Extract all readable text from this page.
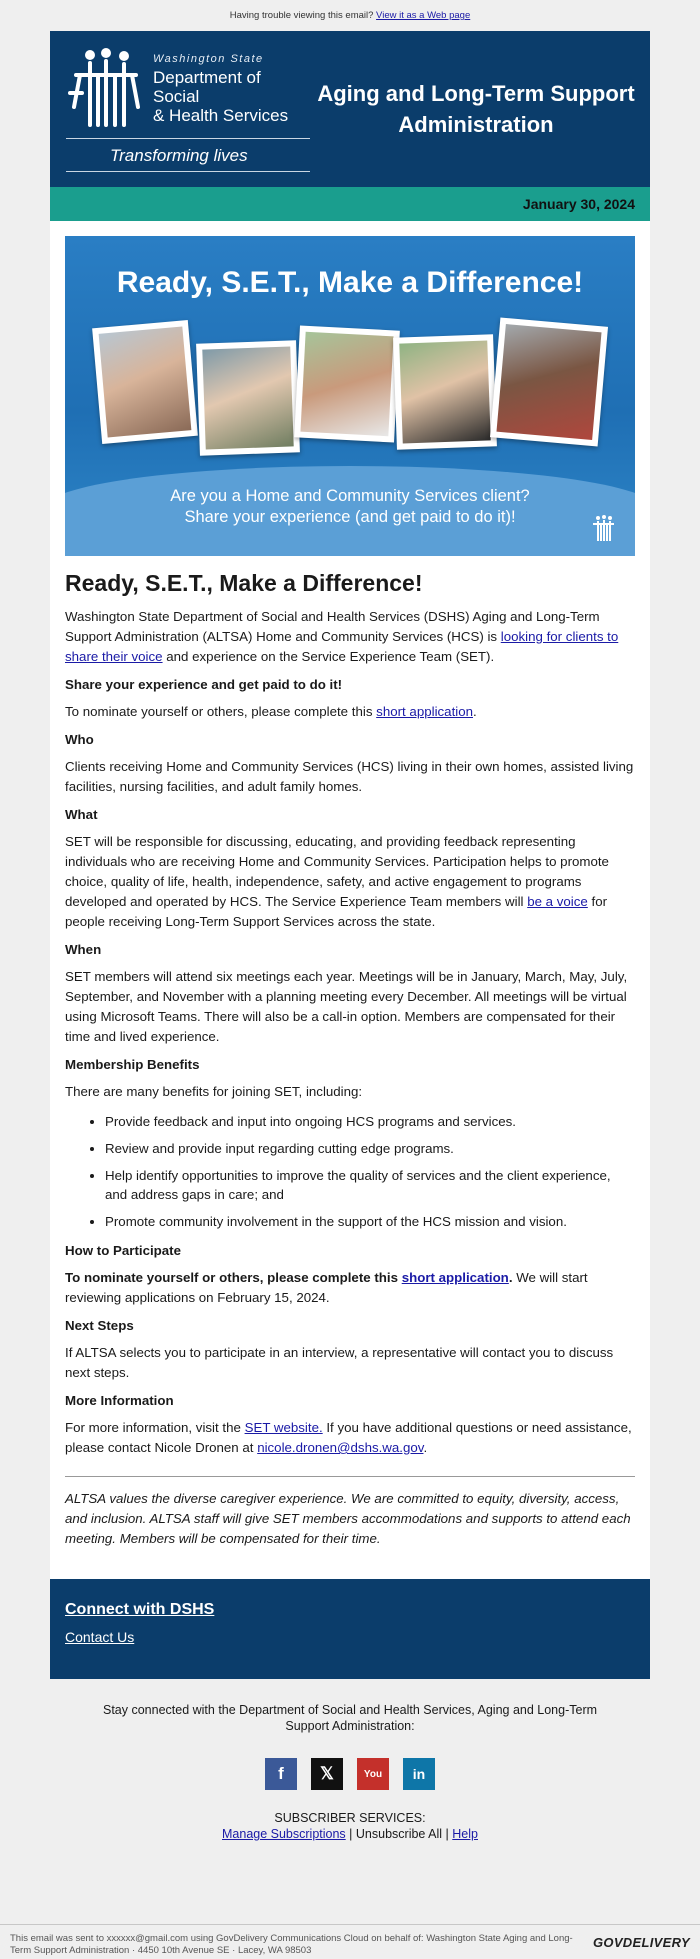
Having trouble viewing this email? View it as a Web page
Washington State
Department of Social
& Health Services
Transforming lives
Aging and Long-Term Support Administration
January 30, 2024
Ready, S.E.T., Make a Difference!
Are you a Home and Community Services client?
Share your experience (and get paid to do it)!
Ready, S.E.T., Make a Difference!

Washington State Department of Social and Health Services (DSHS) Aging and Long-Term Support Administration (ALTSA) Home and Community Services (HCS) is looking for clients to share their voice and experience on the Service Experience Team (SET).

Share your experience and get paid to do it!

To nominate yourself or others, please complete this short application.

Who

Clients receiving Home and Community Services (HCS) living in their own homes, assisted living facilities, nursing facilities, and adult family homes.

What

SET will be responsible for discussing, educating, and providing feedback representing individuals who are receiving Home and Community Services. Participation helps to promote choice, quality of life, health, independence, safety, and active engagement to programs developed and operated by HCS. The Service Experience Team members will be a voice for people receiving Long-Term Support Services across the state.

When

SET members will attend six meetings each year. Meetings will be in January, March, May, July, September, and November with a planning meeting every December. All meetings will be virtual using Microsoft Teams. There will also be a call-in option. Members are compensated for their time and lived experience.

Membership Benefits

There are many benefits for joining SET, including:

• Provide feedback and input into ongoing HCS programs and services.
• Review and provide input regarding cutting edge programs.
• Help identify opportunities to improve the quality of services and the client experience, and address gaps in care; and
• Promote community involvement in the support of the HCS mission and vision.
How to Participate

To nominate yourself or others, please complete this short application. We will start reviewing applications on February 15, 2024.

Next Steps

If ALTSA selects you to participate in an interview, a representative will contact you to discuss next steps.

More Information

For more information, visit the SET website. If you have additional questions or need assistance, please contact Nicole Dronen at nicole.dronen@dshs.wa.gov.

ALTSA values the diverse caregiver experience. We are committed to equity, diversity, access, and inclusion. ALTSA staff will give SET members accommodations and supports to attend each meeting. Members will be compensated for their time.

Connect with DSHS
Contact Us
Stay connected with the Department of Social and Health Services, Aging and Long-Term Support Administration:
f 𝕏	You in
SUBSCRIBER SERVICES:
Manage Subscriptions | Unsubscribe All | Help
This email was sent to xxxxxx@gmail.com using GovDelivery Communications Cloud on behalf of: Washington State Aging and Long-Term Support Administration · 4450 10th Avenue SE · Lacey, WA 98503
GOVDELIVERY
